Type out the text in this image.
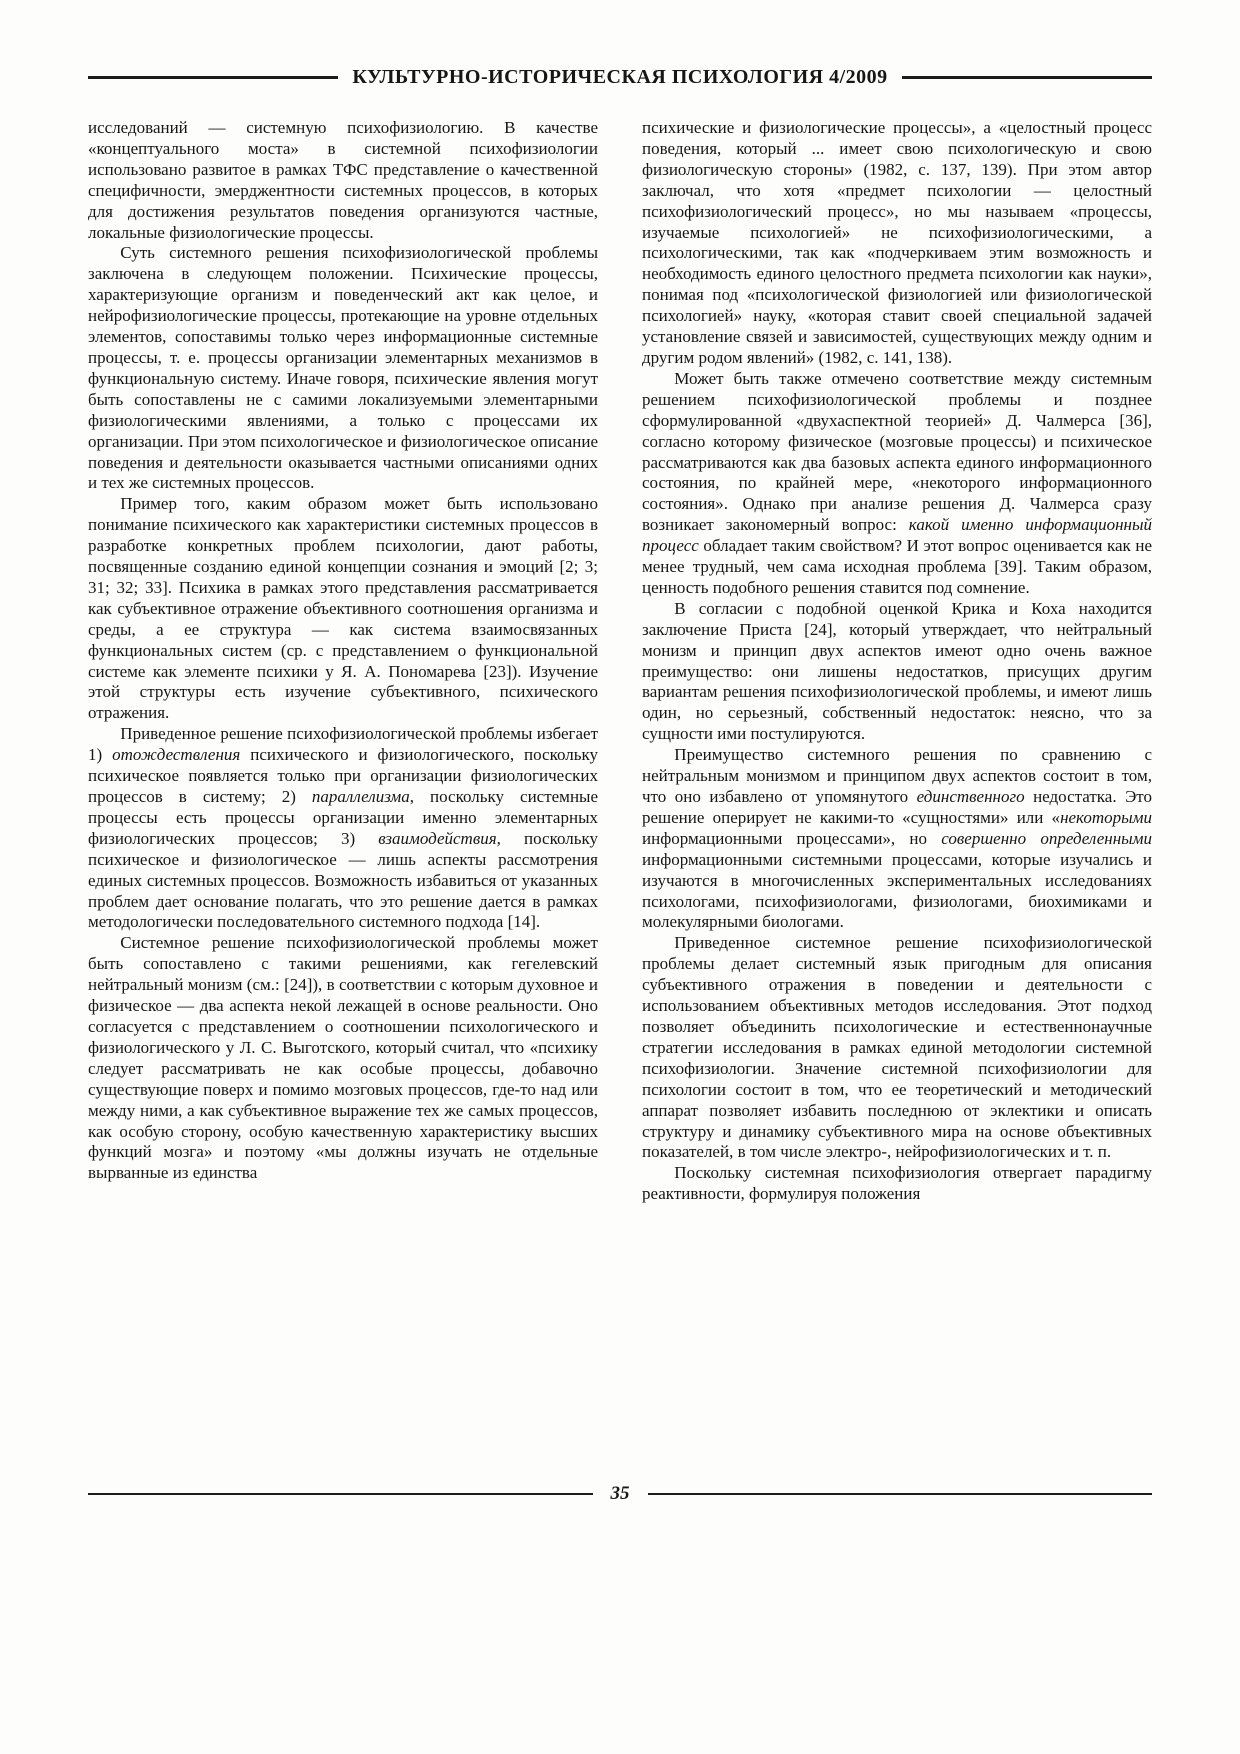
КУЛЬТУРНО-ИСТОРИЧЕСКАЯ ПСИХОЛОГИЯ 4/2009

исследований — системную психофизиологию. В качестве «концептуального моста» в системной психофизиологии использовано развитое в рамках ТФС представление о качественной специфичности, эмерджентности системных процессов, в которых для достижения результатов поведения организуются частные, локальные физиологические процессы.

Суть системного решения психофизиологической проблемы заключена в следующем положении. Психические процессы, характеризующие организм и поведенческий акт как целое, и нейрофизиологические процессы, протекающие на уровне отдельных элементов, сопоставимы только через информационные системные процессы, т. е. процессы организации элементарных механизмов в функциональную систему. Иначе говоря, психические явления могут быть сопоставлены не с самими локализуемыми элементарными физиологическими явлениями, а только с процессами их организации. При этом психологическое и физиологическое описание поведения и деятельности оказывается частными описаниями одних и тех же системных процессов.

Пример того, каким образом может быть использовано понимание психического как характеристики системных процессов в разработке конкретных проблем психологии, дают работы, посвященные созданию единой концепции сознания и эмоций [2; 3; 31; 32; 33]. Психика в рамках этого представления рассматривается как субъективное отражение объективного соотношения организма и среды, а ее структура — как система взаимосвязанных функциональных систем (ср. с представлением о функциональной системе как элементе психики у Я. А. Пономарева [23]). Изучение этой структуры есть изучение субъективного, психического отражения.

Приведенное решение психофизиологической проблемы избегает 1) отождествления психического и физиологического, поскольку психическое появляется только при организации физиологических процессов в систему; 2) параллелизма, поскольку системные процессы есть процессы организации именно элементарных физиологических процессов; 3) взаимодействия, поскольку психическое и физиологическое — лишь аспекты рассмотрения единых системных процессов. Возможность избавиться от указанных проблем дает основание полагать, что это решение дается в рамках методологически последовательного системного подхода [14].

Системное решение психофизиологической проблемы может быть сопоставлено с такими решениями, как гегелевский нейтральный монизм (см.: [24]), в соответствии с которым духовное и физическое — два аспекта некой лежащей в основе реальности. Оно согласуется с представлением о соотношении психологического и физиологического у Л. С. Выготского, который считал, что «психику следует рассматривать не как особые процессы, добавочно существующие поверх и помимо мозговых процессов, где-то над или между ними, а как субъективное выражение тех же самых процессов, как особую сторону, особую качественную характеристику высших функций мозга» и поэтому «мы должны изучать не отдельные вырванные из единства

психические и физиологические процессы», а «целостный процесс поведения, который ... имеет свою психологическую и свою физиологическую стороны» (1982, с. 137, 139). При этом автор заключал, что хотя «предмет психологии — целостный психофизиологический процесс», но мы называем «процессы, изучаемые психологией» не психофизиологическими, а психологическими, так как «подчеркиваем этим возможность и необходимость единого целостного предмета психологии как науки», понимая под «психологической физиологией или физиологической психологией» науку, «которая ставит своей специальной задачей установление связей и зависимостей, существующих между одним и другим родом явлений» (1982, с. 141, 138).

Может быть также отмечено соответствие между системным решением психофизиологической проблемы и позднее сформулированной «двухаспектной теорией» Д. Чалмерса [36], согласно которому физическое (мозговые процессы) и психическое рассматриваются как два базовых аспекта единого информационного состояния, по крайней мере, «некоторого информационного состояния». Однако при анализе решения Д. Чалмерса сразу возникает закономерный вопрос: какой именно информационный процесс обладает таким свойством? И этот вопрос оценивается как не менее трудный, чем сама исходная проблема [39]. Таким образом, ценность подобного решения ставится под сомнение.

В согласии с подобной оценкой Крика и Коха находится заключение Приста [24], который утверждает, что нейтральный монизм и принцип двух аспектов имеют одно очень важное преимущество: они лишены недостатков, присущих другим вариантам решения психофизиологической проблемы, и имеют лишь один, но серьезный, собственный недостаток: неясно, что за сущности ими постулируются.

Преимущество системного решения по сравнению с нейтральным монизмом и принципом двух аспектов состоит в том, что оно избавлено от упомянутого единственного недостатка. Это решение оперирует не какими-то «сущностями» или «некоторыми информационными процессами», но совершенно определенными информационными системными процессами, которые изучались и изучаются в многочисленных экспериментальных исследованиях психологами, психофизиологами, физиологами, биохимиками и молекулярными биологами.

Приведенное системное решение психофизиологической проблемы делает системный язык пригодным для описания субъективного отражения в поведении и деятельности с использованием объективных методов исследования. Этот подход позволяет объединить психологические и естественнонаучные стратегии исследования в рамках единой методологии системной психофизиологии. Значение системной психофизиологии для психологии состоит в том, что ее теоретический и методический аппарат позволяет избавить последнюю от эклектики и описать структуру и динамику субъективного мира на основе объективных показателей, в том числе электро-, нейрофизиологических и т. п.

Поскольку системная психофизиология отвергает парадигму реактивности, формулируя положения

35
